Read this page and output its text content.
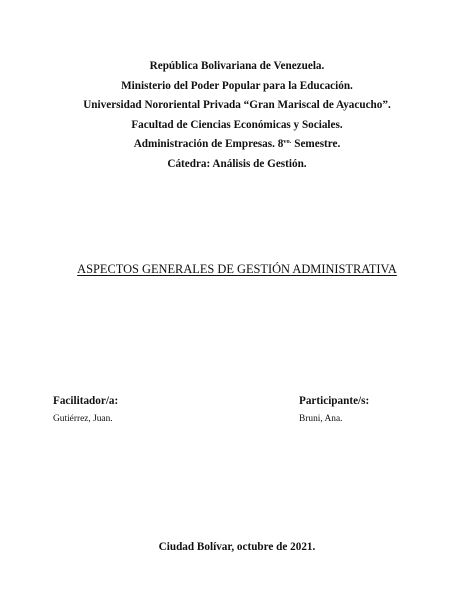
República Bolivariana de Venezuela.
Ministerio del Poder Popular para la Educación.
Universidad Nororiental Privada “Gran Mariscal de Ayacucho”.
Facultad de Ciencias Económicas y Sociales.
Administración de Empresas. $8^{vo.}$ Semestre.
Cátedra: Análisis de Gestión.
ASPECTOS GENERALES DE GESTIÓN ADMINISTRATIVA
Facilitador/a:
Gutiérrez, Juan.
Participante/s:
Bruni, Ana.
Ciudad Bolívar, octubre de 2021.
